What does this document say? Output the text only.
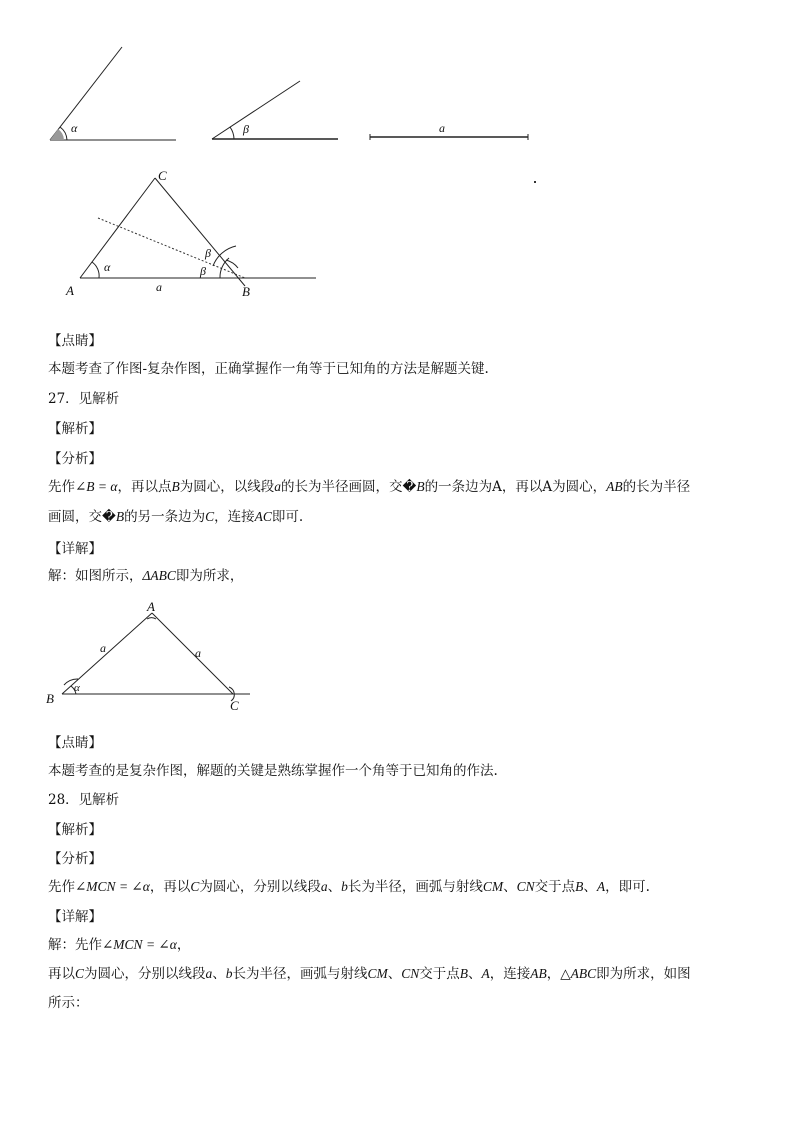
α	β	a
C
A	B
a
α
β
β
【点睛】
本题考查了作图-复杂作图，正确掌握作一角等于已知角的方法是解题关键.
27．见解析
【解析】
【分析】
先作∠B = α，再以点B为圆心，以线段a的长为半径画圆，交�B的一条边为A，再以A为圆心，AB的长为半径
画圆，交�B的另一条边为C，连接AC即可.
【详解】
解：如图所示，ΔABC即为所求，
A
B	C
a	a
α
【点睛】
本题考查的是复杂作图，解题的关键是熟练掌握作一个角等于已知角的作法.
28．见解析
【解析】
【分析】
先作∠MCN = ∠α，再以C为圆心，分别以线段a、b长为半径，画弧与射线CM、CN交于点B、A，即可.
【详解】
解：先作∠MCN = ∠α，
再以C为圆心，分别以线段a、b长为半径，画弧与射线CM、CN交于点B、A，连接AB，△ABC即为所求，如图
所示：
